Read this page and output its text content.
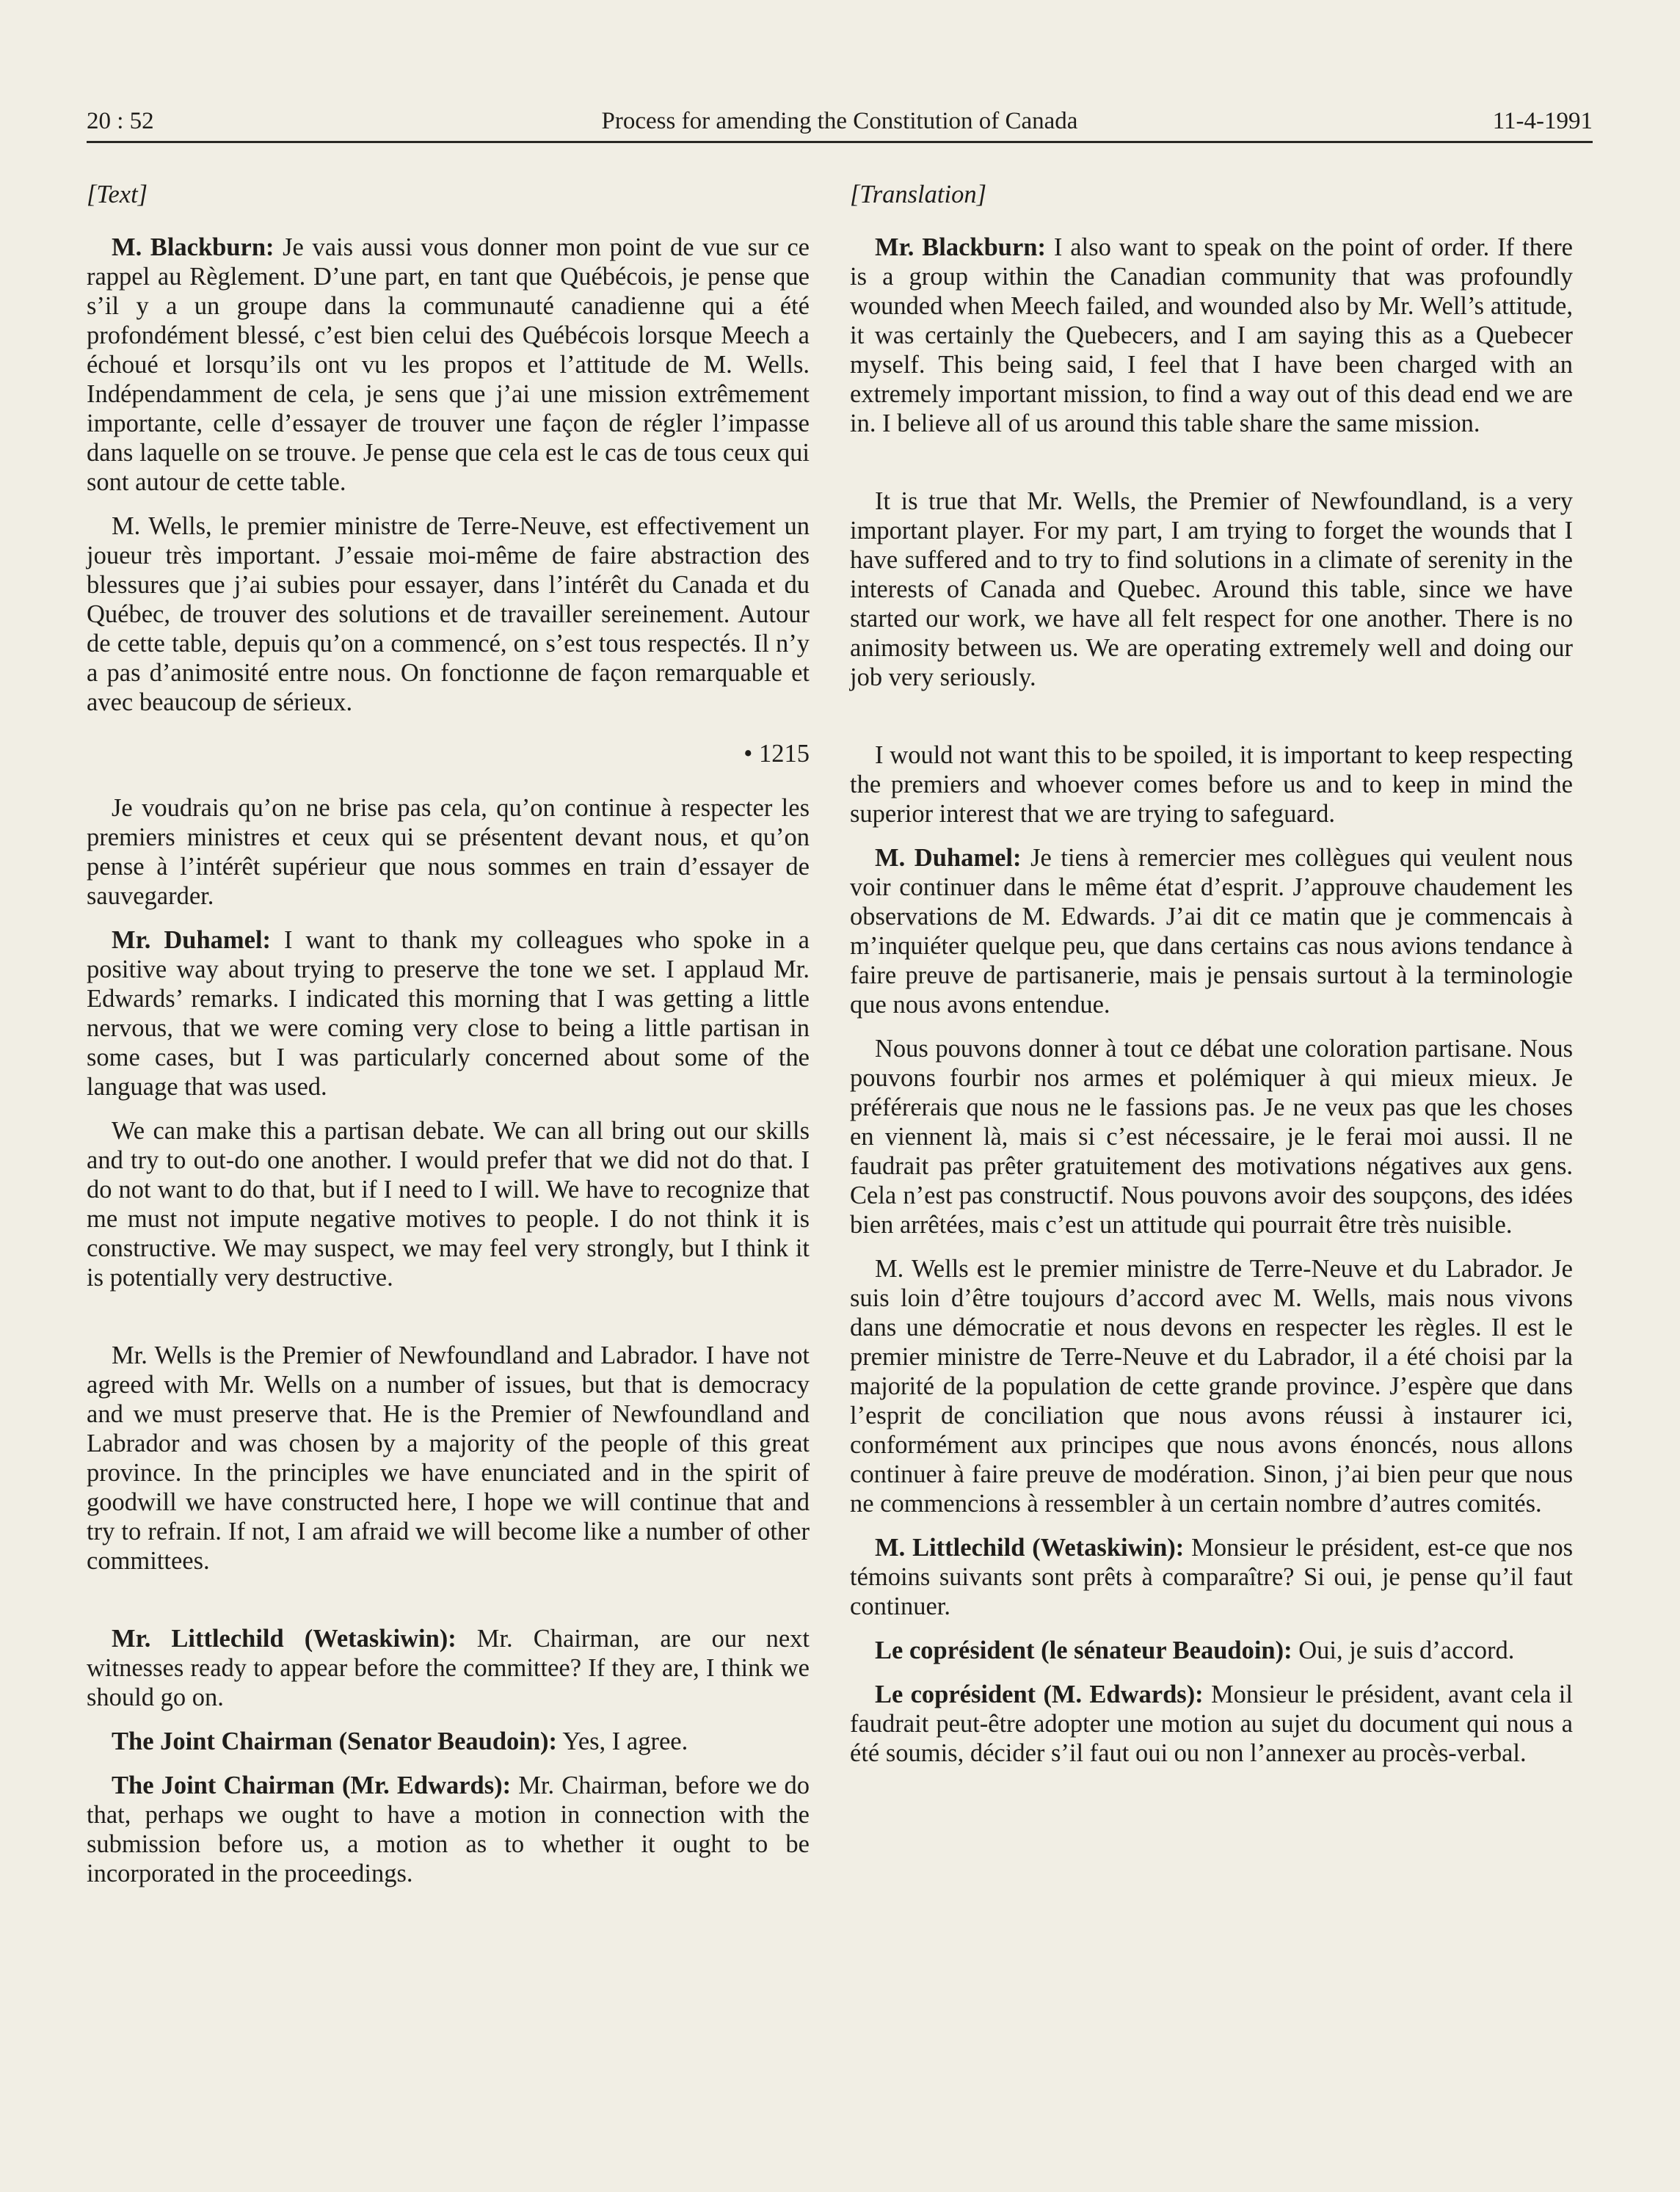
20 : 52	Process for amending the Constitution of Canada	11-4-1991

[Text]

M. Blackburn: Je vais aussi vous donner mon point de vue sur ce rappel au Règlement. D’une part, en tant que Québécois, je pense que s’il y a un groupe dans la communauté canadienne qui a été profondément blessé, c’est bien celui des Québécois lorsque Meech a échoué et lorsqu’ils ont vu les propos et l’attitude de M. Wells. Indépendamment de cela, je sens que j’ai une mission extrêmement importante, celle d’essayer de trouver une façon de régler l’impasse dans laquelle on se trouve. Je pense que cela est le cas de tous ceux qui sont autour de cette table.

M. Wells, le premier ministre de Terre-Neuve, est effectivement un joueur très important. J’essaie moi-même de faire abstraction des blessures que j’ai subies pour essayer, dans l’intérêt du Canada et du Québec, de trouver des solutions et de travailler sereinement. Autour de cette table, depuis qu’on a commencé, on s’est tous respectés. Il n’y a pas d’animosité entre nous. On fonctionne de façon remarquable et avec beaucoup de sérieux.

• 1215

Je voudrais qu’on ne brise pas cela, qu’on continue à respecter les premiers ministres et ceux qui se présentent devant nous, et qu’on pense à l’intérêt supérieur que nous sommes en train d’essayer de sauvegarder.

Mr. Duhamel: I want to thank my colleagues who spoke in a positive way about trying to preserve the tone we set. I applaud Mr. Edwards’ remarks. I indicated this morning that I was getting a little nervous, that we were coming very close to being a little partisan in some cases, but I was particularly concerned about some of the language that was used.

We can make this a partisan debate. We can all bring out our skills and try to out-do one another. I would prefer that we did not do that. I do not want to do that, but if I need to I will. We have to recognize that me must not impute negative motives to people. I do not think it is constructive. We may suspect, we may feel very strongly, but I think it is potentially very destructive.

Mr. Wells is the Premier of Newfoundland and Labrador. I have not agreed with Mr. Wells on a number of issues, but that is democracy and we must preserve that. He is the Premier of Newfoundland and Labrador and was chosen by a majority of the people of this great province. In the principles we have enunciated and in the spirit of goodwill we have constructed here, I hope we will continue that and try to refrain. If not, I am afraid we will become like a number of other committees.

Mr. Littlechild (Wetaskiwin): Mr. Chairman, are our next witnesses ready to appear before the committee? If they are, I think we should go on.

The Joint Chairman (Senator Beaudoin): Yes, I agree.

The Joint Chairman (Mr. Edwards): Mr. Chairman, before we do that, perhaps we ought to have a motion in connection with the submission before us, a motion as to whether it ought to be incorporated in the proceedings.

[Translation]

Mr. Blackburn: I also want to speak on the point of order. If there is a group within the Canadian community that was profoundly wounded when Meech failed, and wounded also by Mr. Well’s attitude, it was certainly the Quebecers, and I am saying this as a Quebecer myself. This being said, I feel that I have been charged with an extremely important mission, to find a way out of this dead end we are in. I believe all of us around this table share the same mission.

It is true that Mr. Wells, the Premier of Newfoundland, is a very important player. For my part, I am trying to forget the wounds that I have suffered and to try to find solutions in a climate of serenity in the interests of Canada and Quebec. Around this table, since we have started our work, we have all felt respect for one another. There is no animosity between us. We are operating extremely well and doing our job very seriously.

I would not want this to be spoiled, it is important to keep respecting the premiers and whoever comes before us and to keep in mind the superior interest that we are trying to safeguard.

M. Duhamel: Je tiens à remercier mes collègues qui veulent nous voir continuer dans le même état d’esprit. J’approuve chaudement les observations de M. Edwards. J’ai dit ce matin que je commencais à m’inquiéter quelque peu, que dans certains cas nous avions tendance à faire preuve de partisanerie, mais je pensais surtout à la terminologie que nous avons entendue.

Nous pouvons donner à tout ce débat une coloration partisane. Nous pouvons fourbir nos armes et polémiquer à qui mieux mieux. Je préférerais que nous ne le fassions pas. Je ne veux pas que les choses en viennent là, mais si c’est nécessaire, je le ferai moi aussi. Il ne faudrait pas prêter gratuitement des motivations négatives aux gens. Cela n’est pas constructif. Nous pouvons avoir des soupçons, des idées bien arrêtées, mais c’est un attitude qui pourrait être très nuisible.

M. Wells est le premier ministre de Terre-Neuve et du Labrador. Je suis loin d’être toujours d’accord avec M. Wells, mais nous vivons dans une démocratie et nous devons en respecter les règles. Il est le premier ministre de Terre-Neuve et du Labrador, il a été choisi par la majorité de la population de cette grande province. J’espère que dans l’esprit de conciliation que nous avons réussi à instaurer ici, conformément aux principes que nous avons énoncés, nous allons continuer à faire preuve de modération. Sinon, j’ai bien peur que nous ne commencions à ressembler à un certain nombre d’autres comités.

M. Littlechild (Wetaskiwin): Monsieur le président, est-ce que nos témoins suivants sont prêts à comparaître? Si oui, je pense qu’il faut continuer.

Le coprésident (le sénateur Beaudoin): Oui, je suis d’accord.

Le coprésident (M. Edwards): Monsieur le président, avant cela il faudrait peut-être adopter une motion au sujet du document qui nous a été soumis, décider s’il faut oui ou non l’annexer au procès-verbal.
